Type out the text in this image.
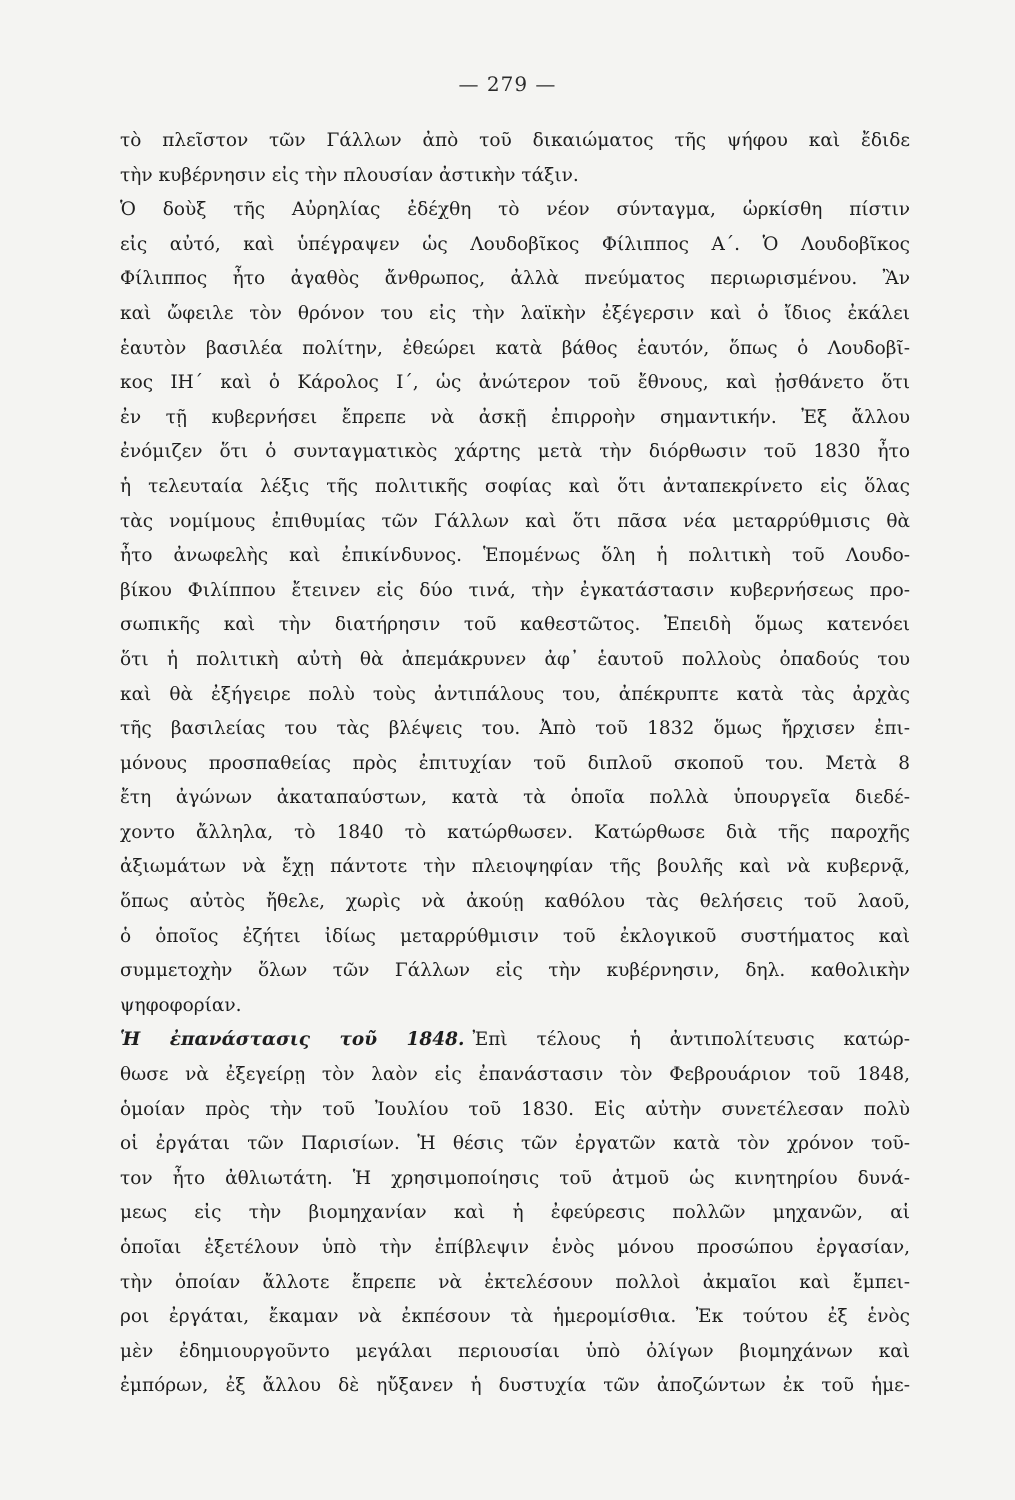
— 279 —
τὸ πλεῖστον τῶν Γάλλων ἀπὸ τοῦ δικαιώματος τῆς ψήφου καὶ ἔδιδε
τὴν κυβέρνησιν εἰς τὴν πλουσίαν ἀστικὴν τάξιν.
Ὁ δοὺξ τῆς Αὐρηλίας ἐδέχθη τὸ νέον σύνταγμα, ὡρκίσθη πίστιν
εἰς αὐτό, καὶ ὑπέγραψεν ὡς Λουδοβῖκος Φίλιππος Α΄. Ὁ Λουδοβῖκος
Φίλιππος ἦτο ἀγαθὸς ἄνθρωπος, ἀλλὰ πνεύματος περιωρισμένου. Ἂν
καὶ ὤφειλε τὸν θρόνον του εἰς τὴν λαϊκὴν ἐξέγερσιν καὶ ὁ ἴδιος ἐκάλει
ἑαυτὸν βασιλέα πολίτην, ἐθεώρει κατὰ βάθος ἑαυτόν, ὅπως ὁ Λουδοβῖ-
κος ΙΗ΄ καὶ ὁ Κάρολος Ι΄, ὡς ἀνώτερον τοῦ ἔθνους, καὶ ᾐσθάνετο ὅτι
ἐν τῇ κυβερνήσει ἔπρεπε νὰ ἀσκῇ ἐπιρροὴν σημαντικήν. Ἐξ ἄλλου
ἐνόμιζεν ὅτι ὁ συνταγματικὸς χάρτης μετὰ τὴν διόρθωσιν τοῦ 1830 ἦτο
ἡ τελευταία λέξις τῆς πολιτικῆς σοφίας καὶ ὅτι ἀνταπεκρίνετο εἰς ὅλας
τὰς νομίμους ἐπιθυμίας τῶν Γάλλων καὶ ὅτι πᾶσα νέα μεταρρύθμισις θὰ
ἦτο ἀνωφελὴς καὶ ἐπικίνδυνος. Ἑπομένως ὅλη ἡ πολιτικὴ τοῦ Λουδο-
βίκου Φιλίππου ἔτεινεν εἰς δύο τινά, τὴν ἐγκατάστασιν κυβερνήσεως προ-
σωπικῆς καὶ τὴν διατήρησιν τοῦ καθεστῶτος. Ἐπειδὴ ὅμως κατενόει
ὅτι ἡ πολιτικὴ αὐτὴ θὰ ἀπεμάκρυνεν ἀφ᾽ ἑαυτοῦ πολλοὺς ὀπαδούς του
καὶ θὰ ἐξήγειρε πολὺ τοὺς ἀντιπάλους του, ἀπέκρυπτε κατὰ τὰς ἀρχὰς
τῆς βασιλείας του τὰς βλέψεις του. Ἀπὸ τοῦ 1832 ὅμως ἤρχισεν ἐπι-
μόνους προσπαθείας πρὸς ἐπιτυχίαν τοῦ διπλοῦ σκοποῦ του. Μετὰ 8
ἔτη ἀγώνων ἀκαταπαύστων, κατὰ τὰ ὁποῖα πολλὰ ὑπουργεῖα διεδέ-
χοντο ἄλληλα, τὸ 1840 τὸ κατώρθωσεν. Κατώρθωσε διὰ τῆς παροχῆς
ἀξιωμάτων νὰ ἔχῃ πάντοτε τὴν πλειοψηφίαν τῆς βουλῆς καὶ νὰ κυβερνᾷ,
ὅπως αὐτὸς ἤθελε, χωρὶς νὰ ἀκούῃ καθόλου τὰς θελήσεις τοῦ λαοῦ,
ὁ ὁποῖος ἐζήτει ἰδίως μεταρρύθμισιν τοῦ ἐκλογικοῦ συστήματος καὶ
συμμετοχὴν ὅλων τῶν Γάλλων εἰς τὴν κυβέρνησιν, δηλ. καθολικὴν
ψηφοφορίαν.
Ἡ ἐπανάστασις τοῦ 1848. Ἐπὶ τέλους ἡ ἀντιπολίτευσις κατώρ-
θωσε νὰ ἐξεγείρῃ τὸν λαὸν εἰς ἐπανάστασιν τὸν Φεβρουάριον τοῦ 1848,
ὁμοίαν πρὸς τὴν τοῦ Ἰουλίου τοῦ 1830. Εἰς αὐτὴν συνετέλεσαν πολὺ
οἱ ἐργάται τῶν Παρισίων. Ἡ θέσις τῶν ἐργατῶν κατὰ τὸν χρόνον τοῦ-
τον ἦτο ἀθλιωτάτη. Ἡ χρησιμοποίησις τοῦ ἀτμοῦ ὡς κινητηρίου δυνά-
μεως εἰς τὴν βιομηχανίαν καὶ ἡ ἐφεύρεσις πολλῶν μηχανῶν, αἱ
ὁποῖαι ἐξετέλουν ὑπὸ τὴν ἐπίβλεψιν ἑνὸς μόνου προσώπου ἐργασίαν,
τὴν ὁποίαν ἄλλοτε ἔπρεπε νὰ ἐκτελέσουν πολλοὶ ἀκμαῖοι καὶ ἔμπει-
ροι ἐργάται, ἔκαμαν νὰ ἐκπέσουν τὰ ἡμερομίσθια. Ἐκ τούτου ἐξ ἑνὸς
μὲν ἐδημιουργοῦντο μεγάλαι περιουσίαι ὑπὸ ὀλίγων βιομηχάνων καὶ
ἐμπόρων, ἐξ ἄλλου δὲ ηὔξανεν ἡ δυστυχία τῶν ἀποζώντων ἐκ τοῦ ἡμε-
